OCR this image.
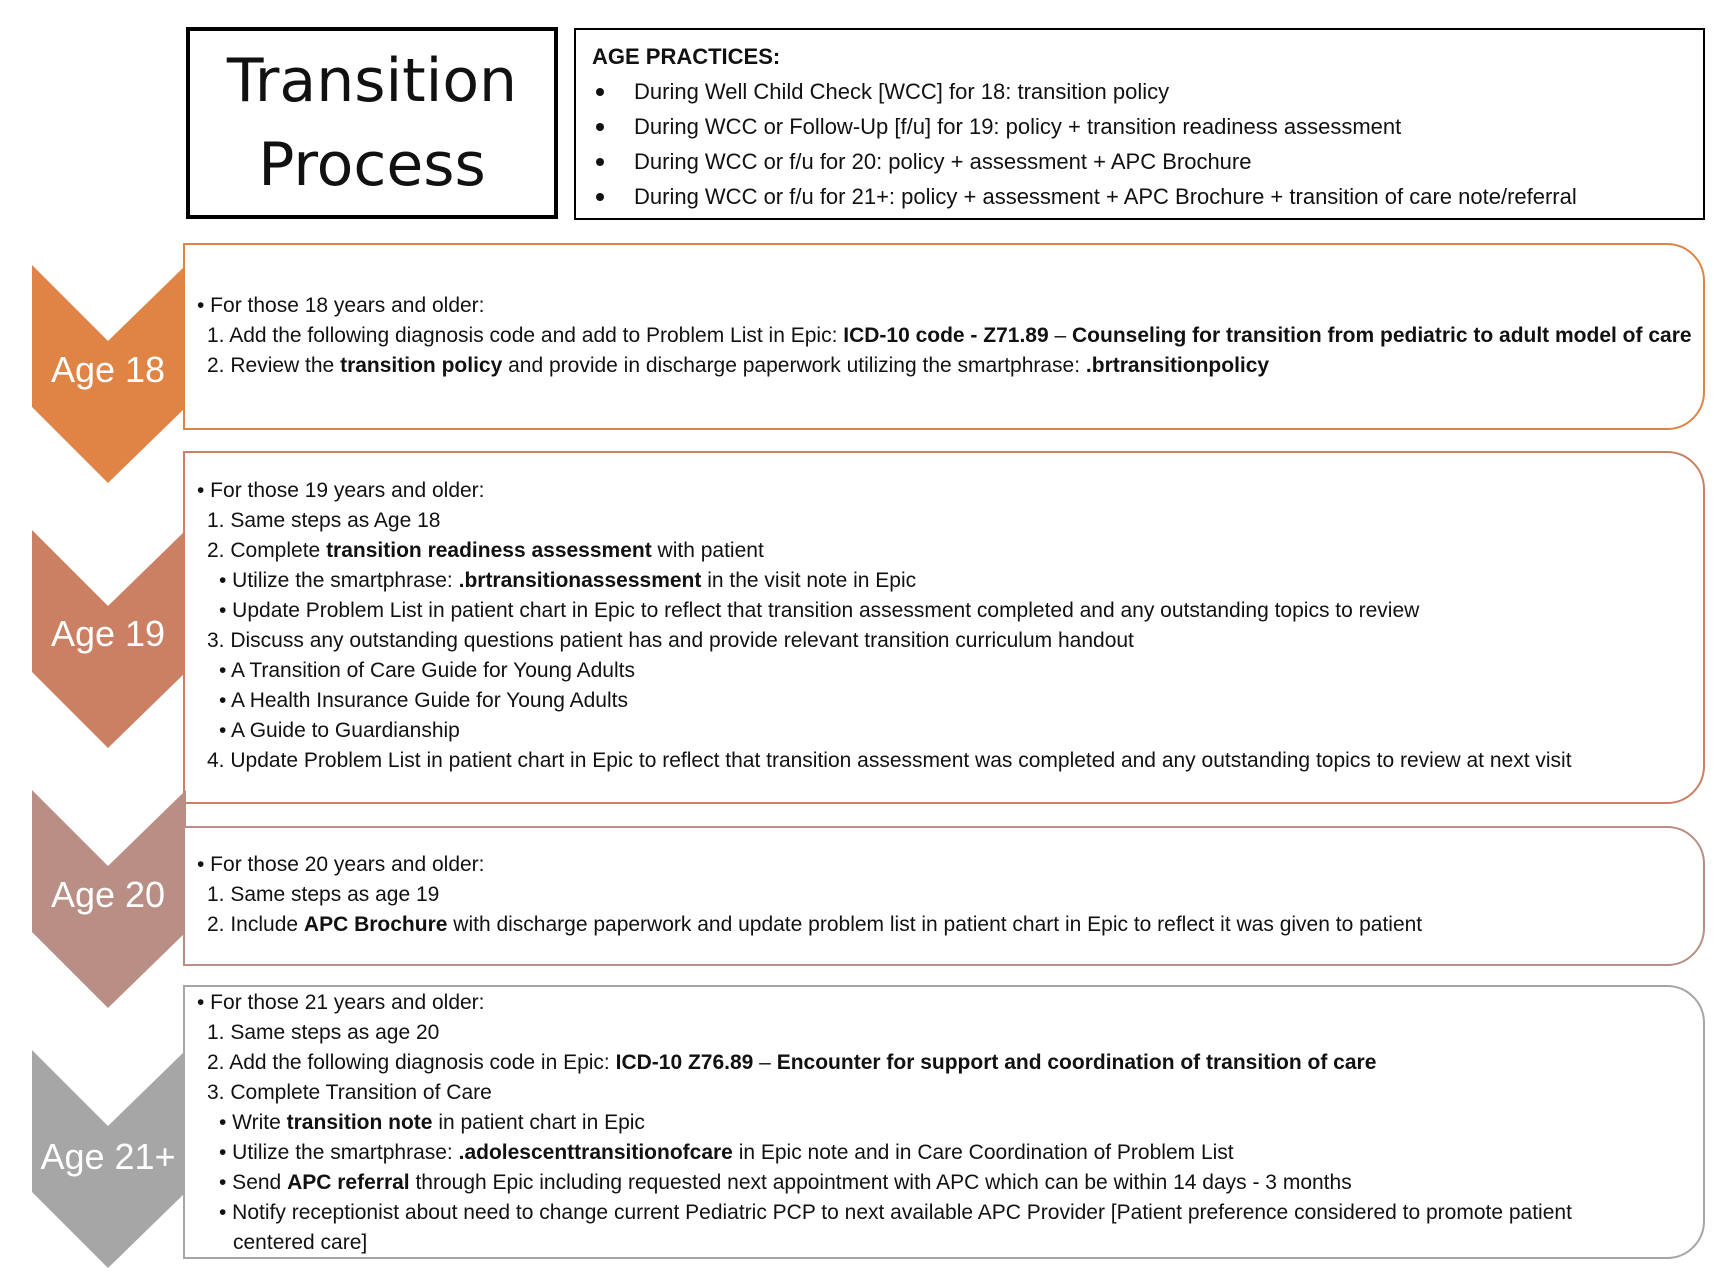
Transition
Process
AGE PRACTICES:
During Well Child Check [WCC] for 18: transition policy
During WCC or Follow-Up [f/u] for 19: policy + transition readiness assessment
During WCC or f/u for 20: policy + assessment + APC Brochure
During WCC or f/u for 21+: policy + assessment + APC Brochure + transition of care note/referral
Age 18
• For those 18 years and older:
1. Add the following diagnosis code and add to Problem List in Epic: ICD-10 code - Z71.89 – Counseling for transition from pediatric to adult model of care
2. Review the transition policy and provide in discharge paperwork utilizing the smartphrase: .brtransitionpolicy
Age 19
• For those 19 years and older:
1. Same steps as Age 18
2. Complete transition readiness assessment with patient
• Utilize the smartphrase: .brtransitionassessment in the visit note in Epic
• Update Problem List in patient chart in Epic to reflect that transition assessment completed and any outstanding topics to review
3. Discuss any outstanding questions patient has and provide relevant transition curriculum handout
• A Transition of Care Guide for Young Adults
• A Health Insurance Guide for Young Adults
• A Guide to Guardianship
4. Update Problem List in patient chart in Epic to reflect that transition assessment was completed and any outstanding topics to review at next visit
Age 20
• For those 20 years and older:
1. Same steps as age 19
2. Include APC Brochure with discharge paperwork and update problem list in patient chart in Epic to reflect it was given to patient
Age 21+
• For those 21 years and older:
1. Same steps as age 20
2. Add the following diagnosis code in Epic: ICD-10 Z76.89 – Encounter for support and coordination of transition of care
3. Complete Transition of Care
• Write transition note in patient chart in Epic
• Utilize the smartphrase: .adolescenttransitionofcare in Epic note and in Care Coordination of Problem List
• Send APC referral through Epic including requested next appointment with APC which can be within 14 days - 3 months
• Notify receptionist about need to change current Pediatric PCP to next available APC Provider [Patient preference considered to promote patient
centered care]
